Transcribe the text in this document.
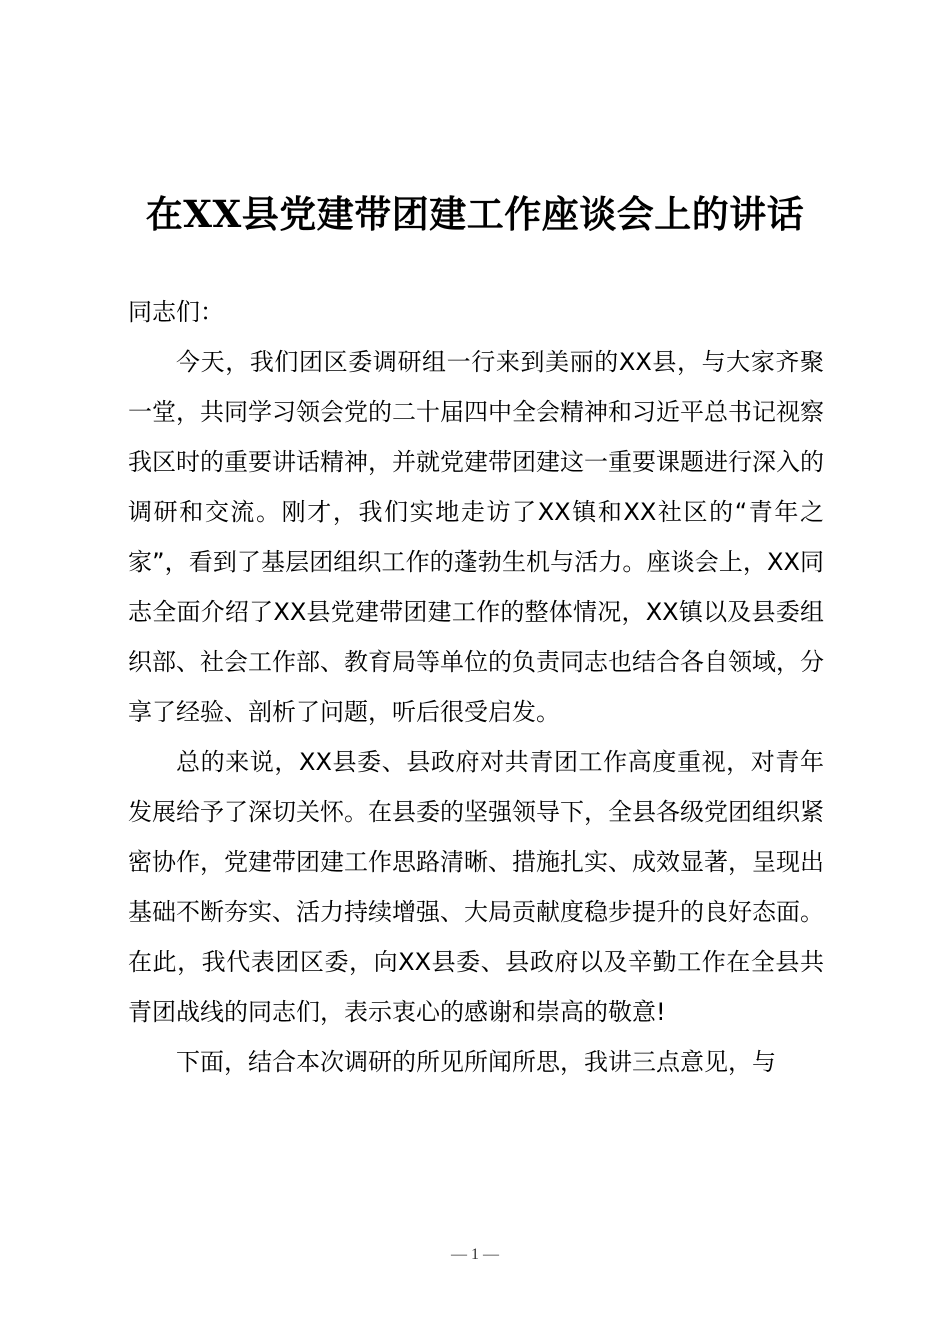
在XX县党建带团建工作座谈会上的讲话

同志们：

今天，我们团区委调研组一行来到美丽的XX县，与大家齐聚一堂，共同学习领会党的二十届四中全会精神和习近平总书记视察我区时的重要讲话精神，并就党建带团建这一重要课题进行深入的调研和交流。刚才，我们实地走访了XX镇和XX社区的“青年之家”，看到了基层团组织工作的蓬勃生机与活力。座谈会上，XX同志全面介绍了XX县党建带团建工作的整体情况，XX镇以及县委组织部、社会工作部、教育局等单位的负责同志也结合各自领域，分享了经验、剖析了问题，听后很受启发。

总的来说，XX县委、县政府对共青团工作高度重视，对青年发展给予了深切关怀。在县委的坚强领导下，全县各级党团组织紧密协作，党建带团建工作思路清晰、措施扎实、成效显著，呈现出基础不断夯实、活力持续增强、大局贡献度稳步提升的良好态面。在此，我代表团区委，向XX县委、县政府以及辛勤工作在全县共青团战线的同志们，表示衷心的感谢和崇高的敬意!

下面，结合本次调研的所见所闻所思，我讲三点意见，与

— 1 —
